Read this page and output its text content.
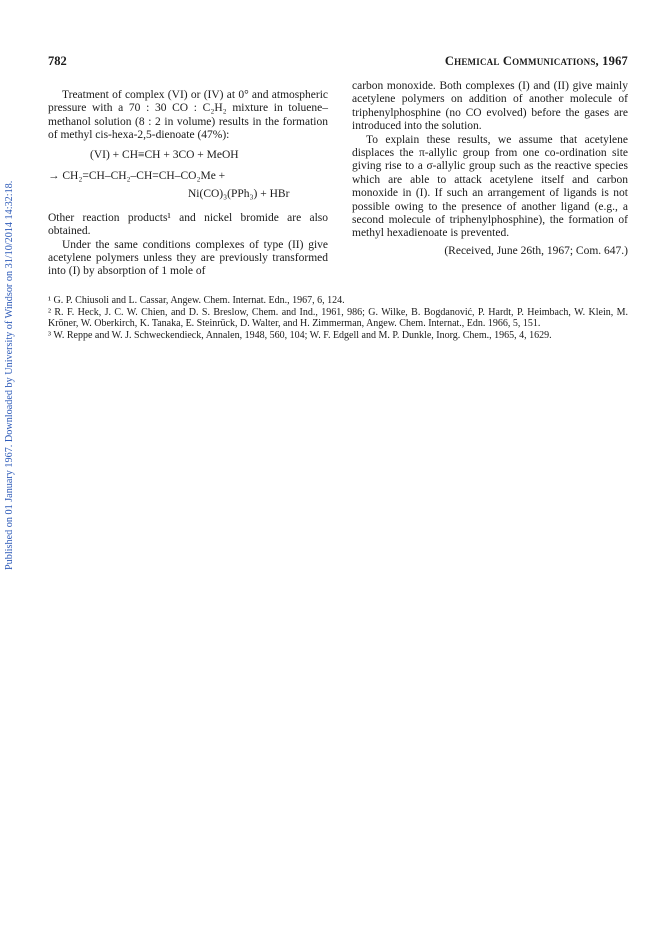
Published on 01 January 1967. Downloaded by University of Windsor on 31/10/2014 14:32:18.
782	Chemical Communications, 1967

Treatment of complex (VI) or (IV) at 0° and atmospheric pressure with a 70 : 30 CO : C₂H₂ mixture in toluene–methanol solution (8 : 2 in volume) results in the formation of methyl cis-hexa-2,5-dienoate (47%):

(VI) + CH≡CH + 3CO + MeOH
→ CH₂=CH–CH₂–CH=CH–CO₂Me +
Ni(CO)₃(PPh₃) + HBr

Other reaction products¹ and nickel bromide are also obtained.

Under the same conditions complexes of type (II) give acetylene polymers unless they are previously transformed into (I) by absorption of 1 mole of

carbon monoxide. Both complexes (I) and (II) give mainly acetylene polymers on addition of another molecule of triphenylphosphine (no CO evolved) before the gases are introduced into the solution.

To explain these results, we assume that acetylene displaces the π-allylic group from one co-ordination site giving rise to a σ-allylic group such as the reactive species which are able to attack acetylene itself and carbon monoxide in (I). If such an arrangement of ligands is not possible owing to the presence of another ligand (e.g., a second molecule of triphenylphosphine), the formation of methyl hexadienoate is prevented.

(Received, June 26th, 1967; Com. 647.)

¹ G. P. Chiusoli and L. Cassar, Angew. Chem. Internat. Edn., 1967, 6, 124.

² R. F. Heck, J. C. W. Chien, and D. S. Breslow, Chem. and Ind., 1961, 986; G. Wilke, B. Bogdanović, P. Hardt, P. Heimbach, W. Klein, M. Kröner, W. Oberkirch, K. Tanaka, E. Steinrück, D. Walter, and H. Zimmerman, Angew. Chem. Internat., Edn. 1966, 5, 151.

³ W. Reppe and W. J. Schweckendieck, Annalen, 1948, 560, 104; W. F. Edgell and M. P. Dunkle, Inorg. Chem., 1965, 4, 1629.
